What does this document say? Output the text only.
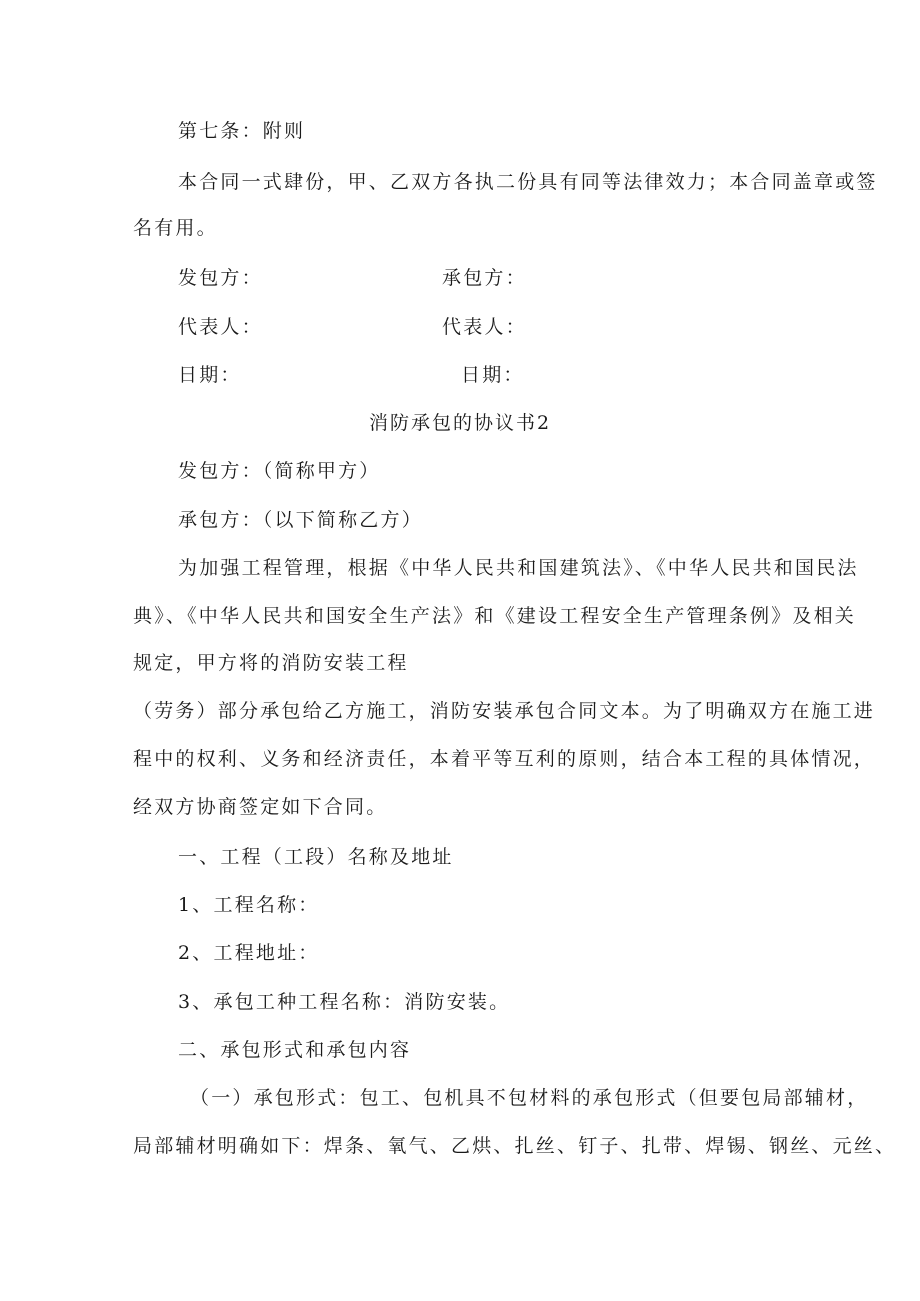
第七条：附则
本合同一式肆份，甲、乙双方各执二份具有同等法律效力；本合同盖章或签
名有用。
发包方：	承包方：
代表人：	代表人：
日期：	日期：
消防承包的协议书2
发包方：（简称甲方）
承包方：（以下简称乙方）
为加强工程管理，根据《中华人民共和国建筑法》、《中华人民共和国民法
典》、《中华人民共和国安全生产法》和《建设工程安全生产管理条例》及相关
规定，甲方将的消防安装工程
（劳务）部分承包给乙方施工，消防安装承包合同文本。为了明确双方在施工进
程中的权利、义务和经济责任，本着平等互利的原则，结合本工程的具体情况，
经双方协商签定如下合同。
一、工程（工段）名称及地址
1、工程名称：
2、工程地址：
3、承包工种工程名称：消防安装。
二、承包形式和承包内容
（一）承包形式：包工、包机具不包材料的承包形式（但要包局部辅材，
局部辅材明确如下：焊条、氧气、乙烘、扎丝、钉子、扎带、焊锡、钢丝、元丝、
